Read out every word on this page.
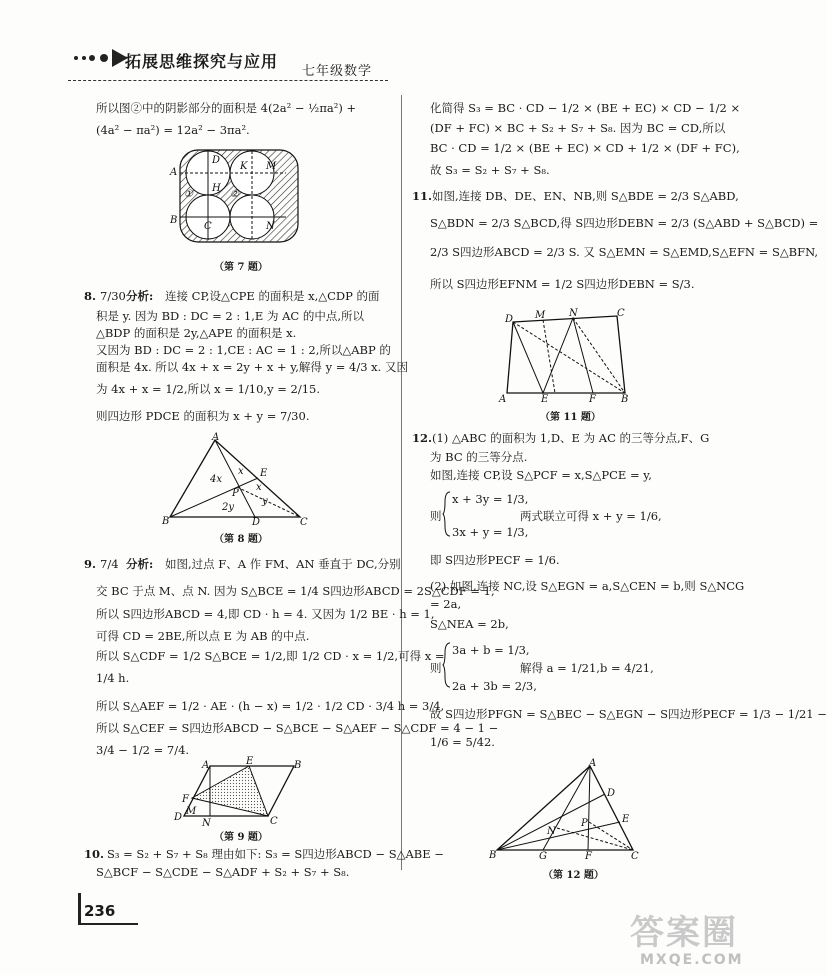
拓展思维探究与应用
七年级数学
所以图②中的阴影部分的面积是 4(2a² − ½πa²) +
(4a² − πa²) = 12a² − 3πa².
A
D
K M
H
B
C	N
①	②
（第 7 题）
8. 7/30 分析: 连接 CP,设△CPE 的面积是 x,△CDP 的面
积是 y. 因为 BD : DC = 2 : 1,E 为 AC 的中点,所以
△BDP 的面积是 2y,△APE 的面积是 x.
又因为 BD : DC = 2 : 1,CE : AC = 1 : 2,所以△ABP 的
面积是 4x. 所以 4x + x = 2y + x + y,解得 y = 4/3 x. 又因
为 4x + x = 1/2,所以 x = 1/10,y = 2/15.
则四边形 PDCE 的面积为 x + y = 7/30.
A
B	C
D
E
P
4x
2y
x
x
y
（第 8 题）
9. 7/4 分析: 如图,过点 F、A 作 FM、AN 垂直于 DC,分别
交 BC 于点 M、点 N. 因为 S△BCE = 1/4 S四边形ABCD = 2S△CDF = 1,
所以 S四边形ABCD = 4,即 CD · h = 4. 又因为 1/2 BE · h = 1,
可得 CD = 2BE,所以点 E 为 AB 的中点.
所以 S△CDF = 1/2 S△BCE = 1/2,即 1/2 CD · x = 1/2,可得 x =
1/4 h.
所以 S△AEF = 1/2 · AE · (h − x) = 1/2 · 1/2 CD · 3/4 h = 3/4,
所以 S△CEF = S四边形ABCD − S△BCE − S△AEF − S△CDF = 4 − 1 −
3/4 − 1/2 = 7/4.
A	E	B
F
D
N
M
C
（第 9 题）
10. S₃ = S₂ + S₇ + S₈ 理由如下: S₃ = S四边形ABCD − S△ABE −
S△BCF − S△CDE − S△ADF + S₂ + S₇ + S₈.
化简得 S₃ = BC · CD − 1/2 × (BE + EC) × CD − 1/2 ×
(DF + FC) × BC + S₂ + S₇ + S₈. 因为 BC = CD,所以
BC · CD = 1/2 × (BE + EC) × CD + 1/2 × (DF + FC),
故 S₃ = S₂ + S₇ + S₈.
11. 如图,连接 DB、DE、EN、NB,则 S△BDE = 2/3 S△ABD,
S△BDN = 2/3 S△BCD,得 S四边形DEBN = 2/3 (S△ABD + S△BCD) =
2/3 S四边形ABCD = 2/3 S. 又 S△EMN = S△EMD,S△EFN = S△BFN,
所以 S四边形EFNM = 1/2 S四边形DEBN = S/3.
D M N	C
A	E	F	B
（第 11 题）
12. (1) △ABC 的面积为 1,D、E 为 AC 的三等分点,F、G
为 BC 的三等分点.
如图,连接 CP,设 S△PCF = x,S△PCE = y,
x + 3y = 1/3,
则	两式联立可得 x + y = 1/6,
3x + y = 1/3,
即 S四边形PECF = 1/6.
(2) 如图,连接 NC,设 S△EGN = a,S△CEN = b,则 S△NCG
= 2a,
S△NEA = 2b,
3a + b = 1/3,
则	解得 a = 1/21,b = 4/21,
2a + 3b = 2/3,
故 S四边形PFGN = S△BEC − S△EGN − S四边形PECF = 1/3 − 1/21 −
1/6 = 5/42.
A
D
E
N
P
B	G	F	C
（第 12 题）
236
答案圈
MXQE.COM
